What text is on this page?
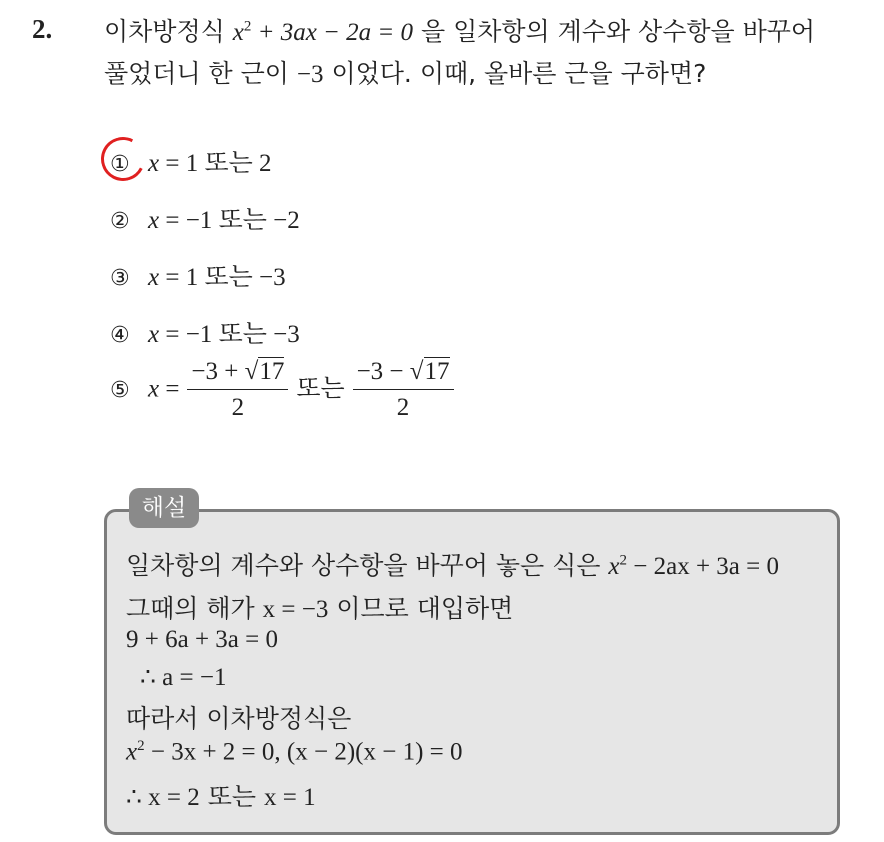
2. 이차방정식 $x^2 + 3ax - 2a = 0$ 을 일차항의 계수와 상수항을 바꾸어
풀었더니 한 근이 −3 이었다. 이때, 올바른 근을 구하면?
① x = 1 또는 2
② x = −1 또는 −2
③ x = 1 또는 −3
④ x = −1 또는 −3
⑤ $x = \frac{-3 + √17}{2}$ 또는 $\frac{-3 - √17}{2}$
해설
일차항의 계수와 상수항을 바꾸어 놓은 식은 $x^2 - 2ax + 3a = 0$
그때의 해가 x = −3 이므로 대입하면
9 + 6a + 3a = 0
∴ a = −1
따라서 이차방정식은
$x^2 - 3x + 2 = 0$, (x − 2)(x − 1) = 0
∴ x = 2 또는 x = 1
